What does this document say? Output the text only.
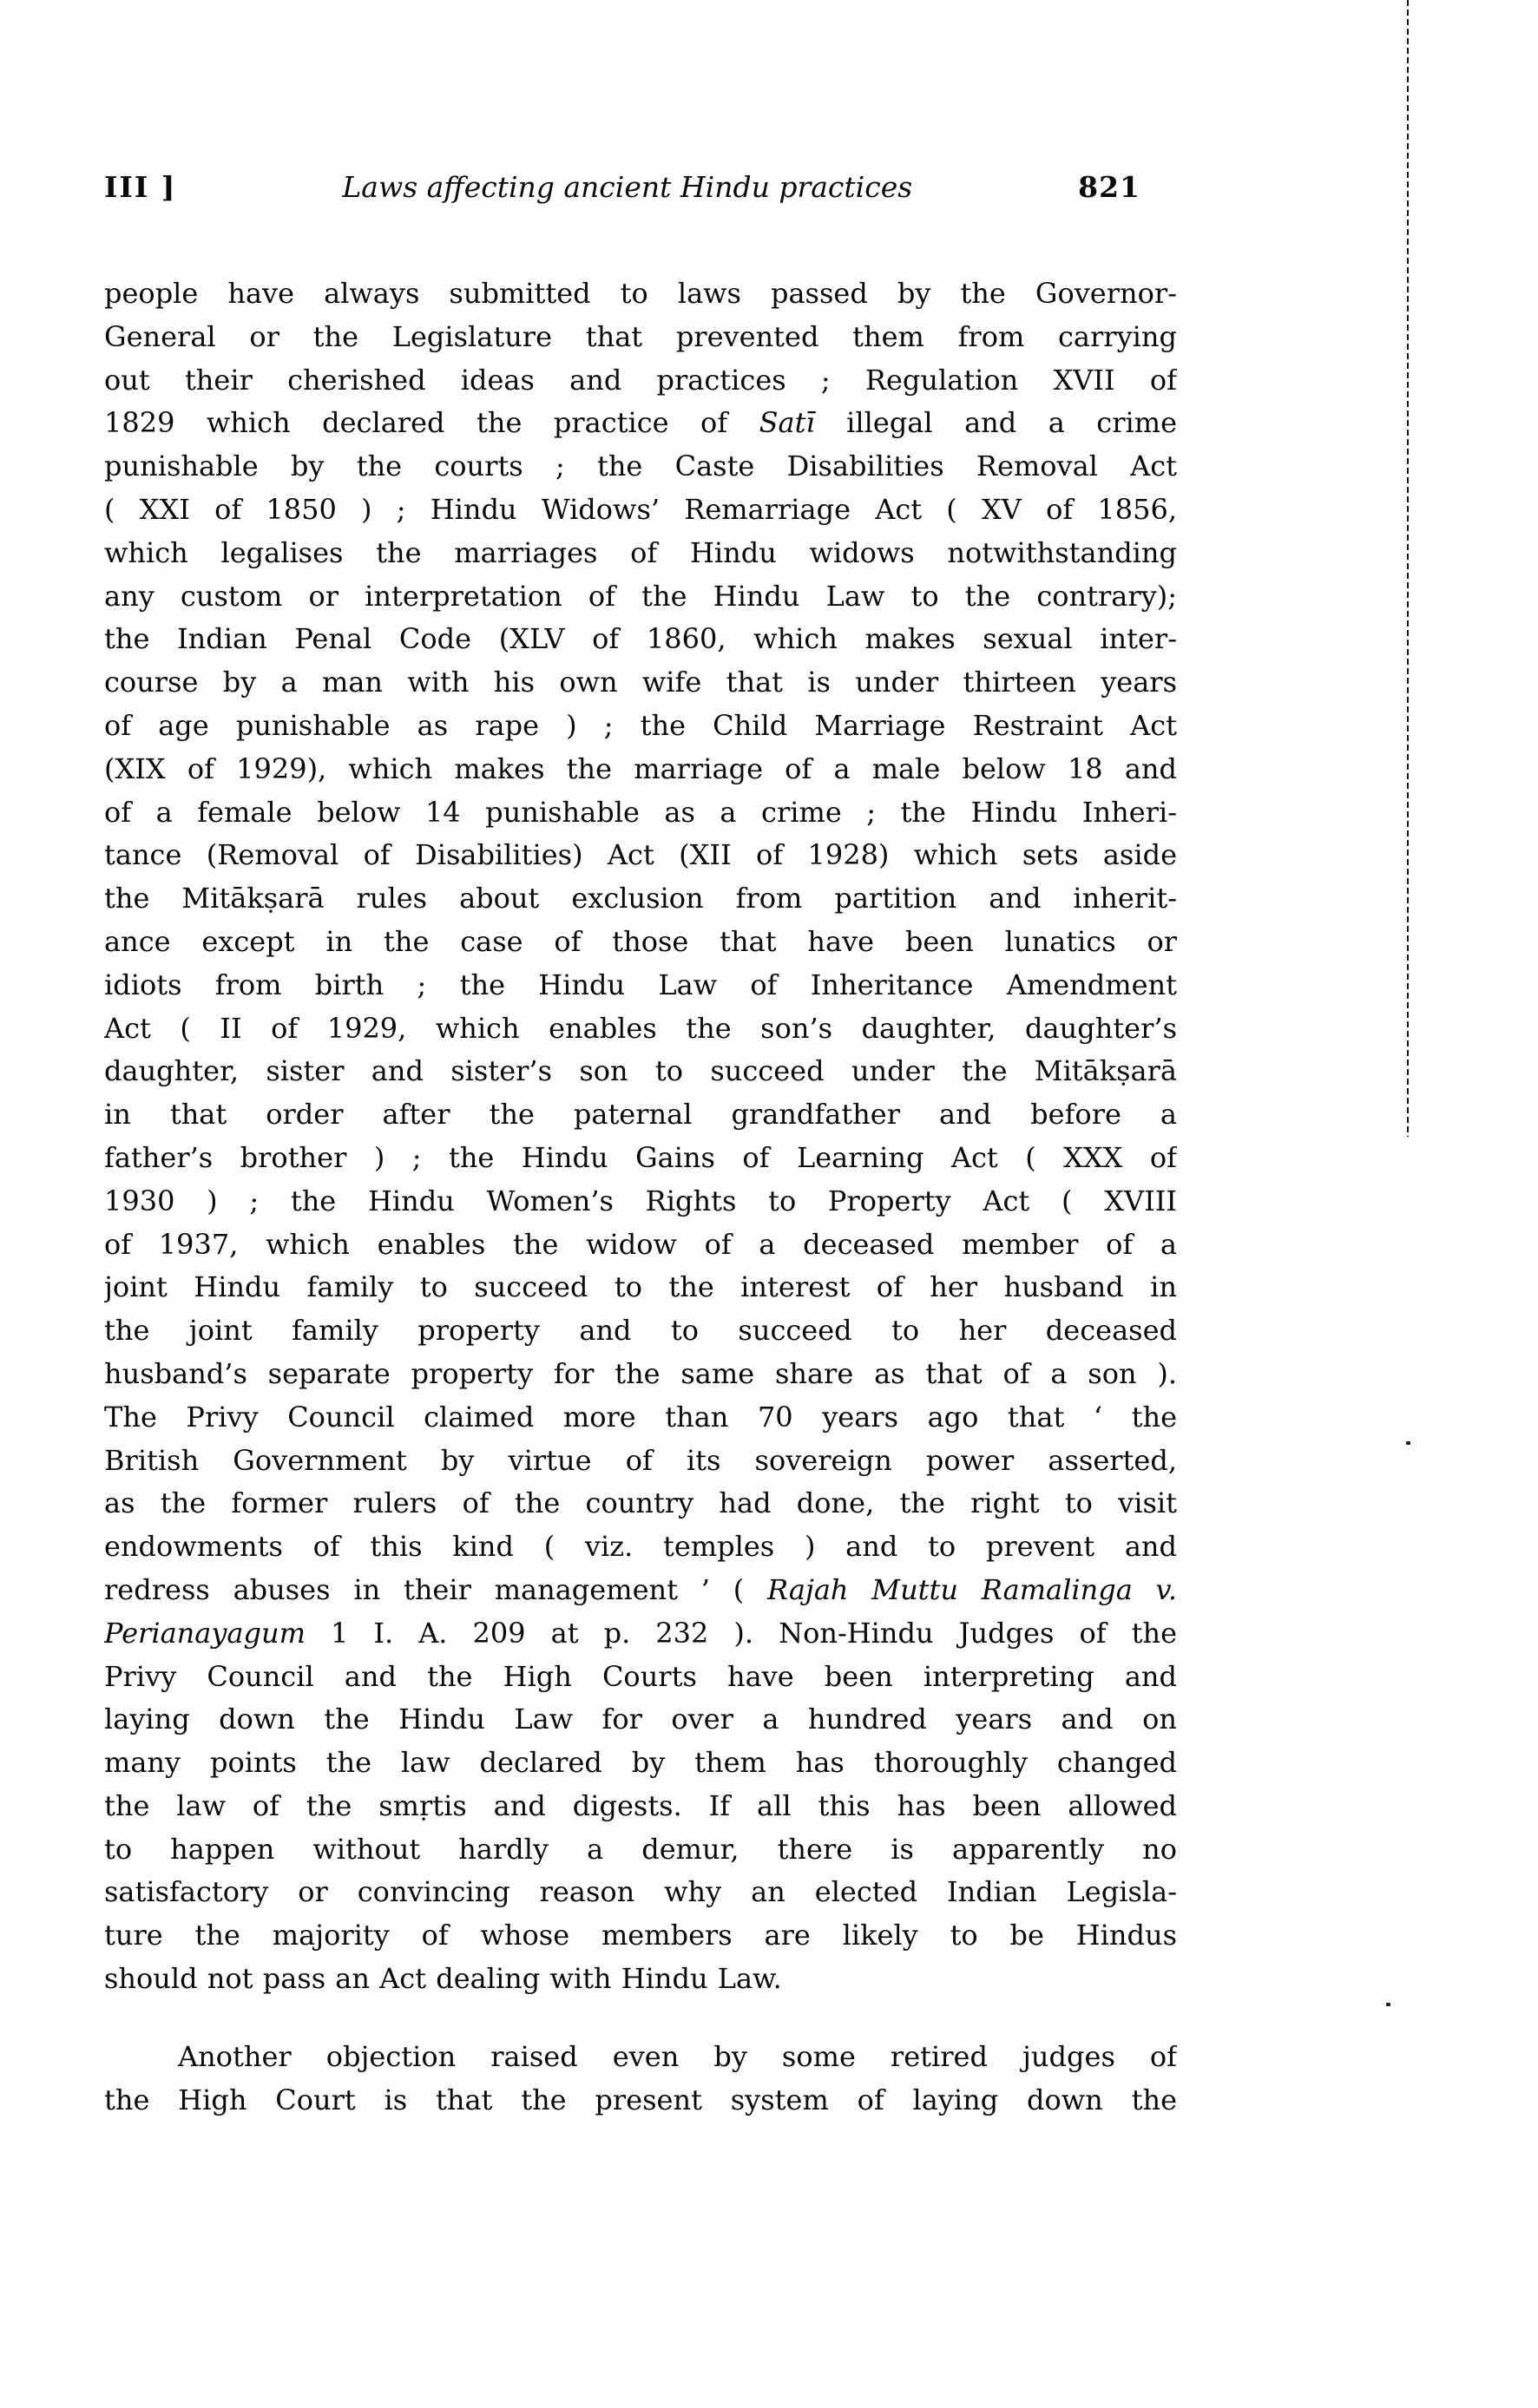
III ]	Laws affecting ancient Hindu practices	821
people have always submitted to laws passed by the Governor-
General or the Legislature that prevented them from carrying
out their cherished ideas and practices ; Regulation XVII of
1829 which declared the practice of Satī illegal and a crime
punishable by the courts ; the Caste Disabilities Removal Act
( XXI of 1850 ) ; Hindu Widows’ Remarriage Act ( XV of 1856,
which legalises the marriages of Hindu widows notwithstanding
any custom or interpretation of the Hindu Law to the contrary);
the Indian Penal Code (XLV of 1860, which makes sexual inter-
course by a man with his own wife that is under thirteen years
of age punishable as rape ) ; the Child Marriage Restraint Act
(XIX of 1929), which makes the marriage of a male below 18 and
of a female below 14 punishable as a crime ; the Hindu Inheri-
tance (Removal of Disabilities) Act (XII of 1928) which sets aside
the Mitākṣarā rules about exclusion from partition and inherit-
ance except in the case of those that have been lunatics or
idiots from birth ; the Hindu Law of Inheritance Amendment
Act ( II of 1929, which enables the son’s daughter, daughter’s
daughter, sister and sister’s son to succeed under the Mitākṣarā
in that order after the paternal grandfather and before a
father’s brother ) ; the Hindu Gains of Learning Act ( XXX of
1930 ) ; the Hindu Women’s Rights to Property Act ( XVIII
of 1937, which enables the widow of a deceased member of a
joint Hindu family to succeed to the interest of her husband in
the joint family property and to succeed to her deceased
husband’s separate property for the same share as that of a son ).
The Privy Council claimed more than 70 years ago that ‘ the
British Government by virtue of its sovereign power asserted,
as the former rulers of the country had done, the right to visit
endowments of this kind ( viz. temples ) and to prevent and
redress abuses in their management ’ ( Rajah Muttu Ramalinga v.
Perianayagum 1 I. A. 209 at p. 232 ). Non-Hindu Judges of the
Privy Council and the High Courts have been interpreting and
laying down the Hindu Law for over a hundred years and on
many points the law declared by them has thoroughly changed
the law of the smṛtis and digests. If all this has been allowed
to happen without hardly a demur, there is apparently no
satisfactory or convincing reason why an elected Indian Legisla-
ture the majority of whose members are likely to be Hindus
should not pass an Act dealing with Hindu Law.
Another objection raised even by some retired judges of
the High Court is that the present system of laying down the
